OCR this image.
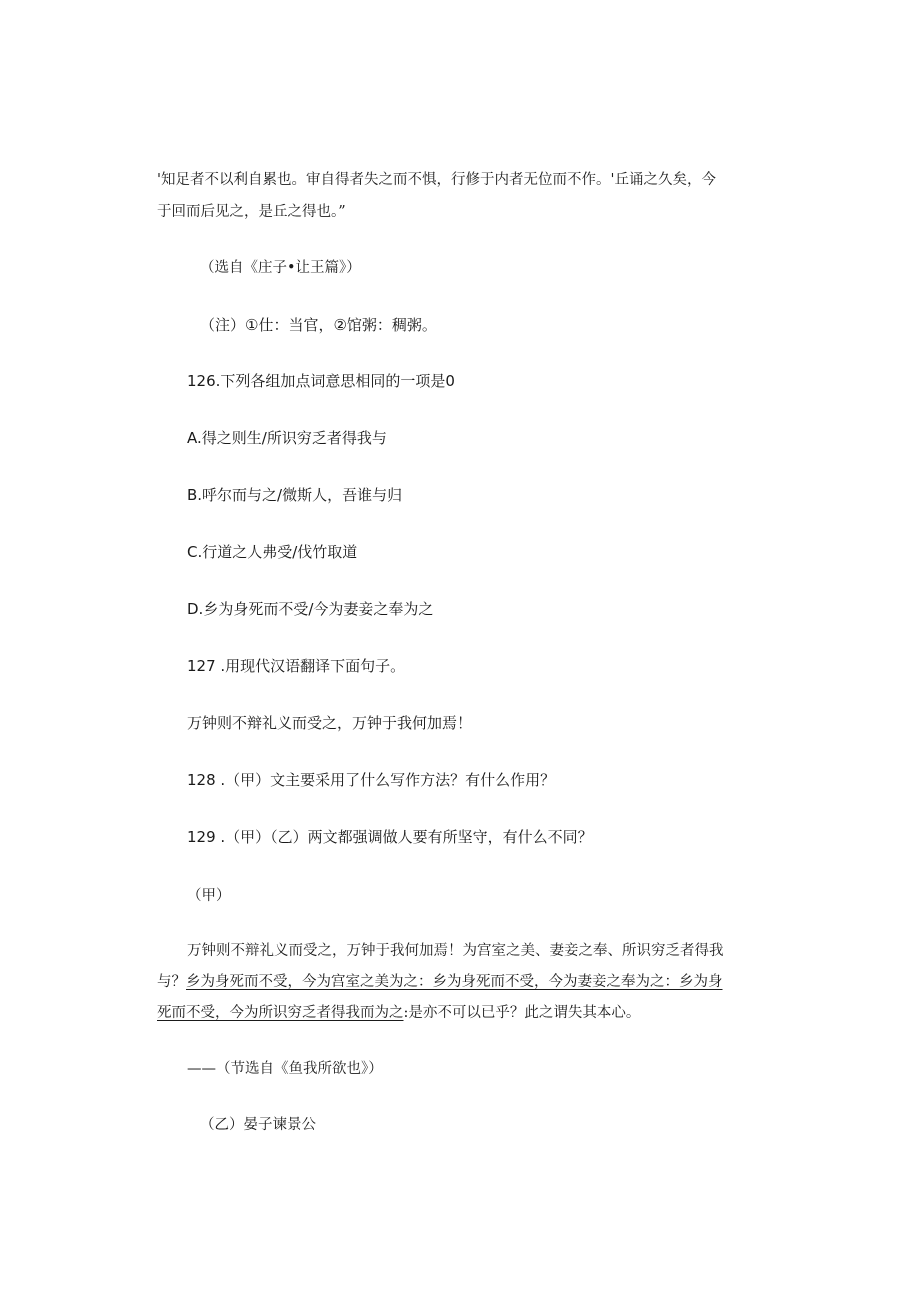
'知足者不以利自累也。审自得者失之而不惧，行修于内者无位而不作。'丘诵之久矣，今
于回而后见之，是丘之得也。”
（选自《庄子•让王篇》）
（注）①仕：当官，②馆粥：稠粥。
126.下列各组加点词意思相同的一项是0
A.得之则生/所识穷乏者得我与
B.呼尔而与之/微斯人，吾谁与归
C.行道之人弗受/伐竹取道
D.乡为身死而不受/今为妻妾之奉为之
127 .用现代汉语翻译下面句子。
万钟则不辩礼义而受之，万钟于我何加焉！
128 .（甲）文主要采用了什么写作方法？有什么作用？
129 .（甲）（乙）两文都强调做人要有所坚守，有什么不同？
（甲）
万钟则不辩礼义而受之，万钟于我何加焉！为宫室之美、妻妾之奉、所识穷乏者得我
与？乡为身死而不受，今为宫室之美为之：乡为身死而不受，今为妻妾之奉为之：乡为身
死而不受，今为所识穷乏者得我而为之:是亦不可以已乎？此之谓失其本心。
——（节选自《鱼我所欲也》）
（乙）晏子谏景公
